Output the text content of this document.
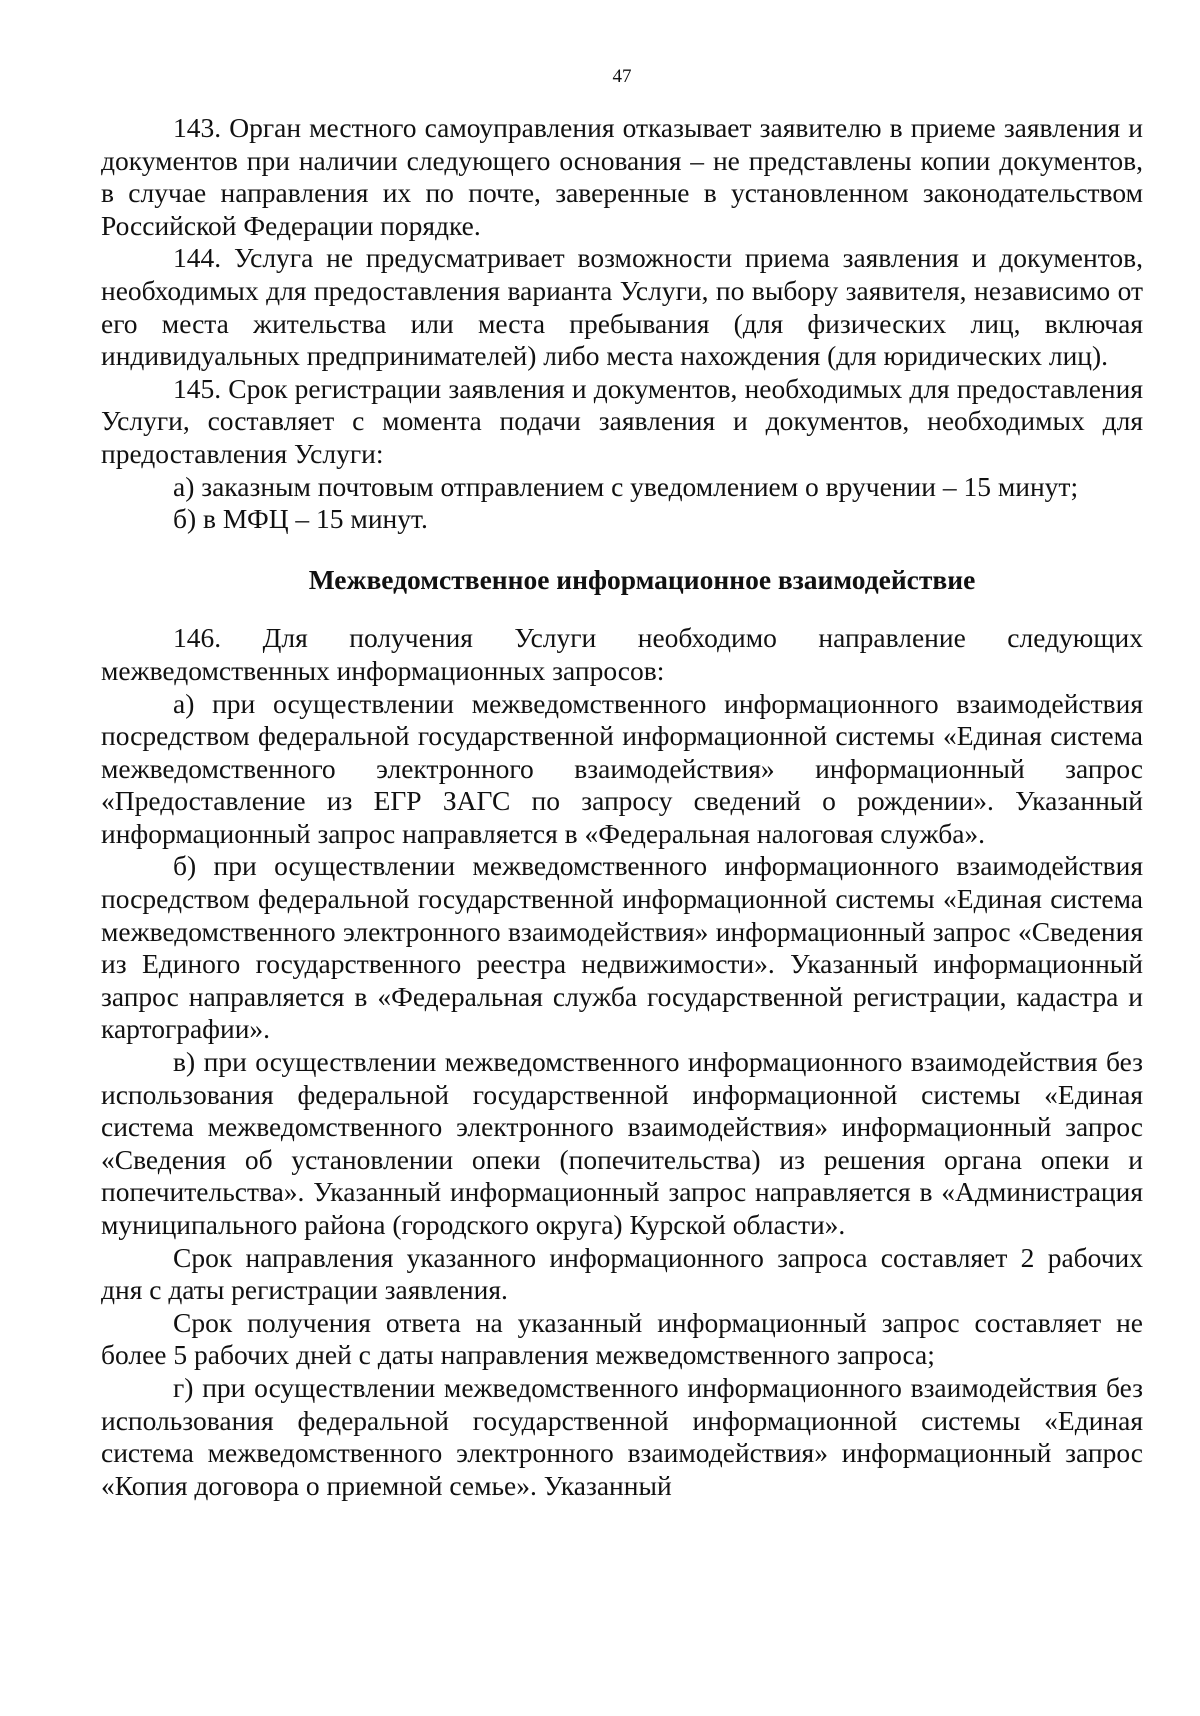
47

143. Орган местного самоуправления отказывает заявителю в приеме заявления и документов при наличии следующего основания – не представлены копии документов, в случае направления их по почте, заверенные в установленном законодательством Российской Федерации порядке.

144. Услуга не предусматривает возможности приема заявления и документов, необходимых для предоставления варианта Услуги, по выбору заявителя, независимо от его места жительства или места пребывания (для физических лиц, включая индивидуальных предпринимателей) либо места нахождения (для юридических лиц).

145. Срок регистрации заявления и документов, необходимых для предоставления Услуги, составляет с момента подачи заявления и документов, необходимых для предоставления Услуги:

а) заказным почтовым отправлением с уведомлением о вручении – 15 минут;

б) в МФЦ – 15 минут.

Межведомственное информационное взаимодействие

146. Для получения Услуги необходимо направление следующих межведомственных информационных запросов:

а) при осуществлении межведомственного информационного взаимодействия посредством федеральной государственной информационной системы «Единая система межведомственного электронного взаимодействия» информационный запрос «Предоставление из ЕГР ЗАГС по запросу сведений о рождении». Указанный информационный запрос направляется в «Федеральная налоговая служба».

б) при осуществлении межведомственного информационного взаимодействия посредством федеральной государственной информационной системы «Единая система межведомственного электронного взаимодействия» информационный запрос «Сведения из Единого государственного реестра недвижимости». Указанный информационный запрос направляется в «Федеральная служба государственной регистрации, кадастра и картографии».

в) при осуществлении межведомственного информационного взаимодействия без использования федеральной государственной информационной системы «Единая система межведомственного электронного взаимодействия» информационный запрос «Сведения об установлении опеки (попечительства) из решения органа опеки и попечительства». Указанный информационный запрос направляется в «Администрация муниципального района (городского округа) Курской области».

Срок направления указанного информационного запроса составляет 2 рабочих дня с даты регистрации заявления.

Срок получения ответа на указанный информационный запрос составляет не более 5 рабочих дней с даты направления межведомственного запроса;

г) при осуществлении межведомственного информационного взаимодействия без использования федеральной государственной информационной системы «Единая система межведомственного электронного взаимодействия» информационный запрос «Копия договора о приемной семье». Указанный
